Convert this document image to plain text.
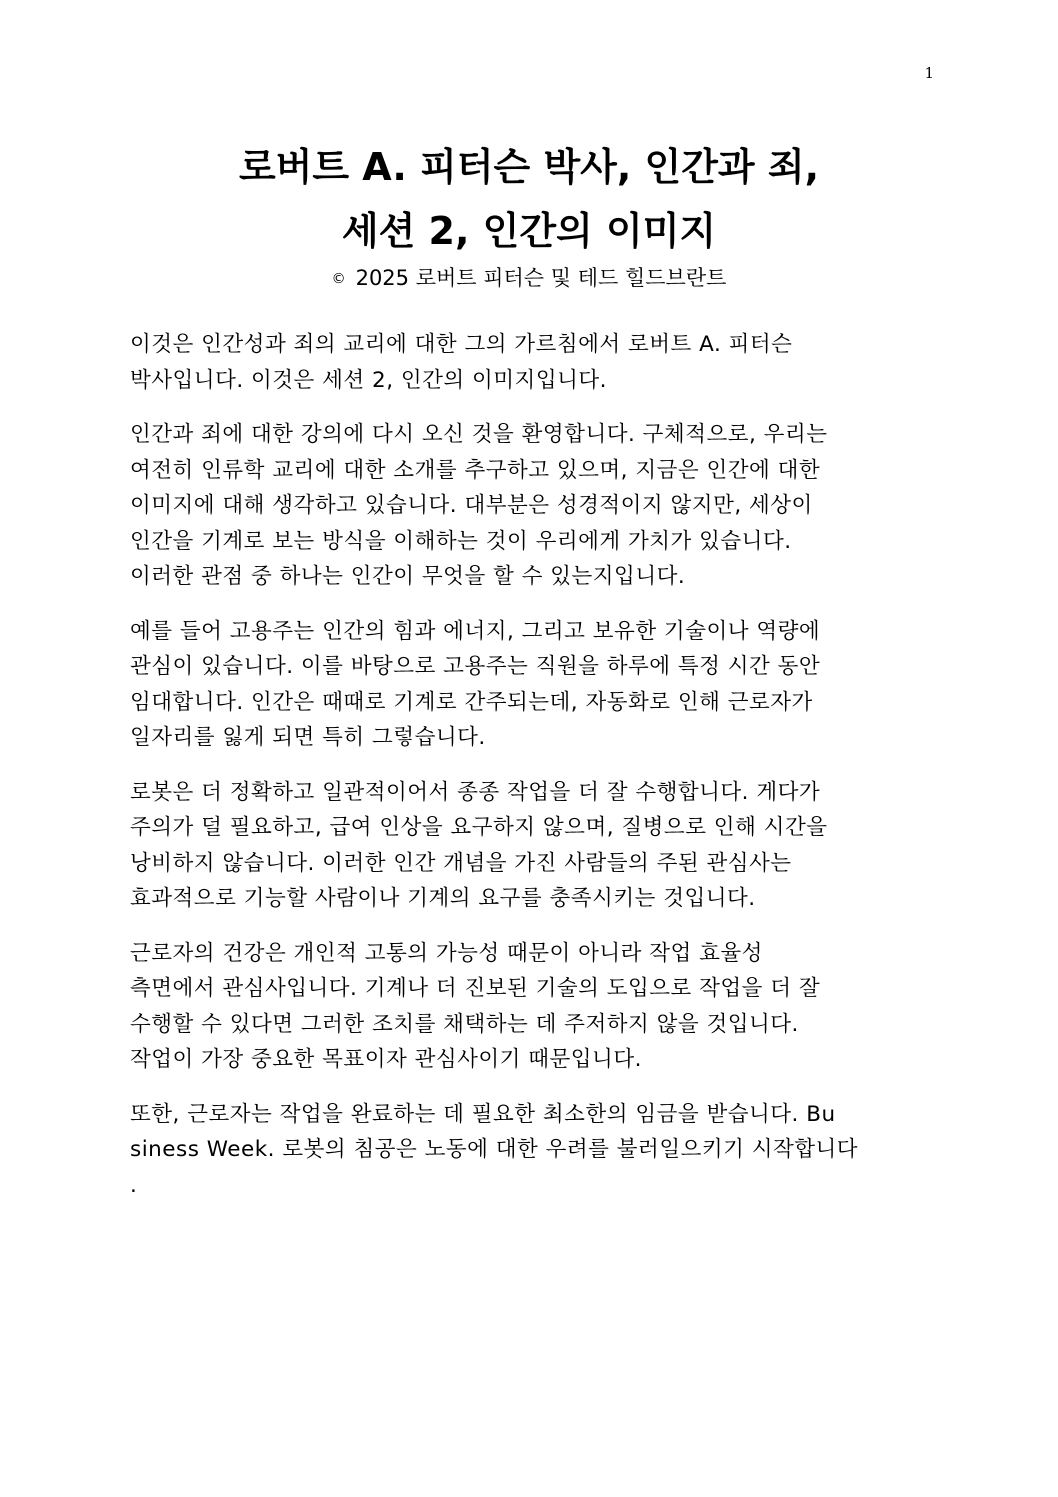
1
로버트 A. 피터슨 박사, 인간과 죄,
세션 2, 인간의 이미지
© 2025 로버트 피터슨 및 테드 힐드브란트

이것은 인간성과 죄의 교리에 대한 그의 가르침에서 로버트 A. 피터슨
박사입니다. 이것은 세션 2, 인간의 이미지입니다.

인간과 죄에 대한 강의에 다시 오신 것을 환영합니다. 구체적으로, 우리는
여전히 인류학 교리에 대한 소개를 추구하고 있으며, 지금은 인간에 대한
이미지에 대해 생각하고 있습니다. 대부분은 성경적이지 않지만, 세상이
인간을 기계로 보는 방식을 이해하는 것이 우리에게 가치가 있습니다.
이러한 관점 중 하나는 인간이 무엇을 할 수 있는지입니다.

예를 들어 고용주는 인간의 힘과 에너지, 그리고 보유한 기술이나 역량에
관심이 있습니다. 이를 바탕으로 고용주는 직원을 하루에 특정 시간 동안
임대합니다. 인간은 때때로 기계로 간주되는데, 자동화로 인해 근로자가
일자리를 잃게 되면 특히 그렇습니다.

로봇은 더 정확하고 일관적이어서 종종 작업을 더 잘 수행합니다. 게다가
주의가 덜 필요하고, 급여 인상을 요구하지 않으며, 질병으로 인해 시간을
낭비하지 않습니다. 이러한 인간 개념을 가진 사람들의 주된 관심사는
효과적으로 기능할 사람이나 기계의 요구를 충족시키는 것입니다.

근로자의 건강은 개인적 고통의 가능성 때문이 아니라 작업 효율성
측면에서 관심사입니다. 기계나 더 진보된 기술의 도입으로 작업을 더 잘
수행할 수 있다면 그러한 조치를 채택하는 데 주저하지 않을 것입니다.
작업이 가장 중요한 목표이자 관심사이기 때문입니다.

또한, 근로자는 작업을 완료하는 데 필요한 최소한의 임금을 받습니다. Bu
siness Week. 로봇의 침공은 노동에 대한 우려를 불러일으키기 시작합니다
.
